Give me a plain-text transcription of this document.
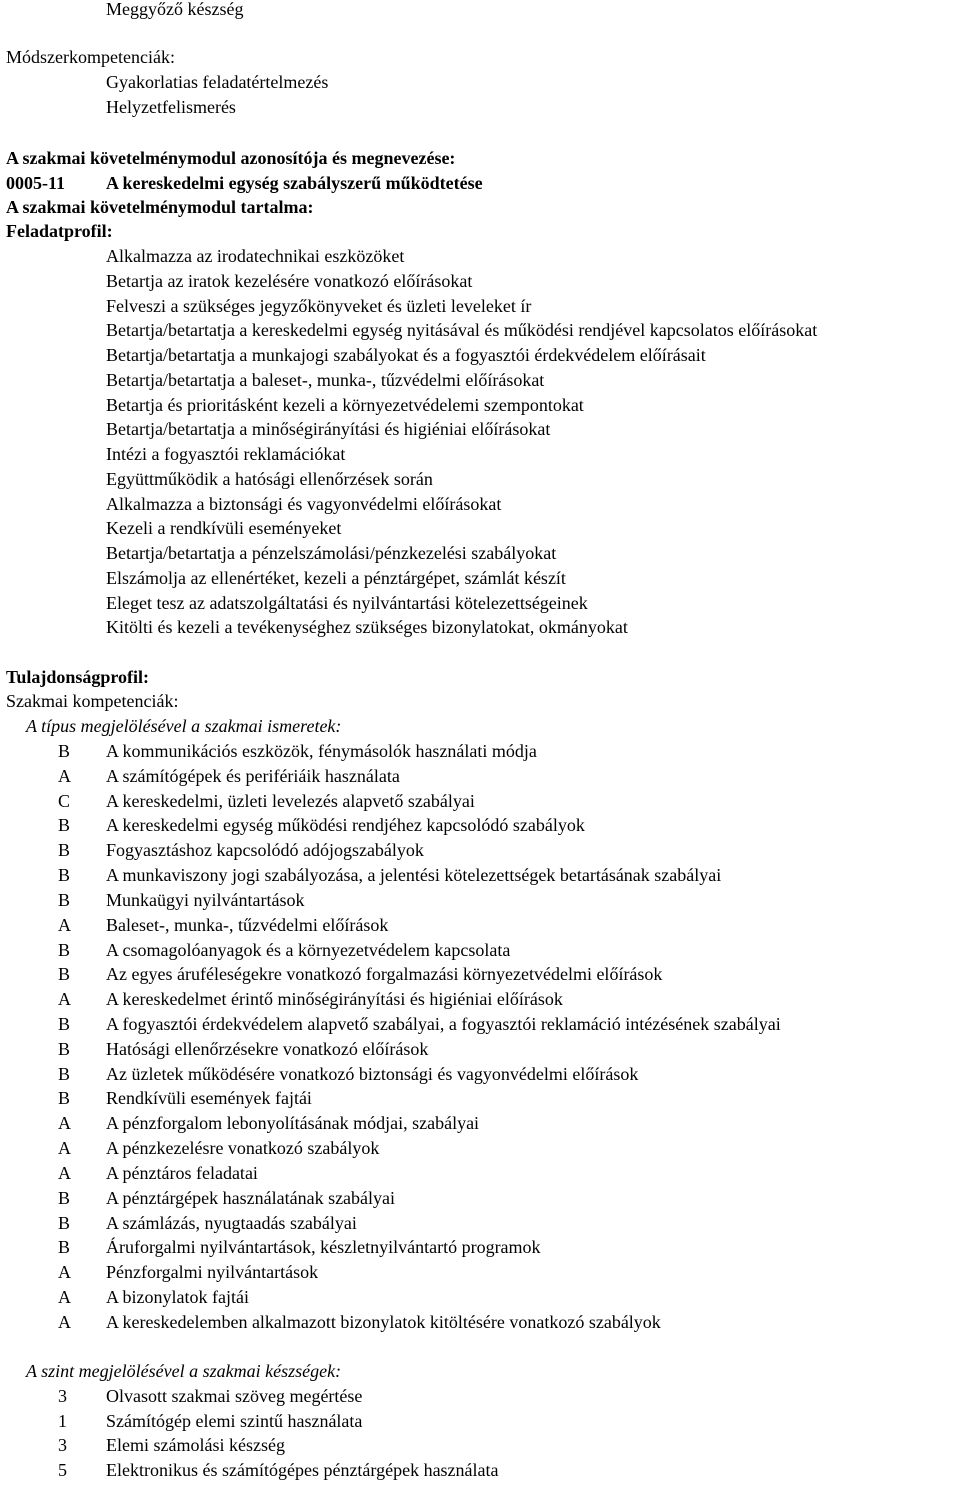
Meggyőző készség
Módszerkompetenciák:
Gyakorlatias feladatértelmezés
Helyzetfelismerés
A szakmai követelménymodul azonosítója és megnevezése:
0005-11 A kereskedelmi egység szabályszerű működtetése
A szakmai követelménymodul tartalma:
Feladatprofil:
Alkalmazza az irodatechnikai eszközöket
Betartja az iratok kezelésére vonatkozó előírásokat
Felveszi a szükséges jegyzőkönyveket és üzleti leveleket ír
Betartja/betartatja a kereskedelmi egység nyitásával és működési rendjével kapcsolatos előírásokat
Betartja/betartatja a munkajogi szabályokat és a fogyasztói érdekvédelem előírásait
Betartja/betartatja a baleset-, munka-, tűzvédelmi előírásokat
Betartja és prioritásként kezeli a környezetvédelemi szempontokat
Betartja/betartatja a minőségirányítási és higiéniai előírásokat
Intézi a fogyasztói reklamációkat
Együttműködik a hatósági ellenőrzések során
Alkalmazza a biztonsági és vagyonvédelmi előírásokat
Kezeli a rendkívüli eseményeket
Betartja/betartatja a pénzelszámolási/pénzkezelési szabályokat
Elszámolja az ellenértéket, kezeli a pénztárgépet, számlát készít
Eleget tesz az adatszolgáltatási és nyilvántartási kötelezettségeinek
Kitölti és kezeli a tevékenységhez szükséges bizonylatokat, okmányokat
Tulajdonságprofil:
Szakmai kompetenciák:
A típus megjelölésével a szakmai ismeretek:
B	A kommunikációs eszközök, fénymásolók használati módja
A	A számítógépek és perifériáik használata
C	A kereskedelmi, üzleti levelezés alapvető szabályai
B	A kereskedelmi egység működési rendjéhez kapcsolódó szabályok
B	Fogyasztáshoz kapcsolódó adójogszabályok
B	A munkaviszony jogi szabályozása, a jelentési kötelezettségek betartásának szabályai
B	Munkaügyi nyilvántartások
A	Baleset-, munka-, tűzvédelmi előírások
B	A csomagolóanyagok és a környezetvédelem kapcsolata
B	Az egyes árufélеségekre vonatkozó forgalmazási környezetvédelmi előírások
A	A kereskedelmet érintő minőségirányítási és higiéniai előírások
B	A fogyasztói érdekvédelem alapvető szabályai, a fogyasztói reklamáció intézésének szabályai
B	Hatósági ellenőrzésekre vonatkozó előírások
B	Az üzletek működésére vonatkozó biztonsági és vagyonvédelmi előírások
B	Rendkívüli események fajtái
A	A pénzforgalom lebonyolításának módjai, szabályai
A	A pénzkezelésre vonatkozó szabályok
A	A pénztáros feladatai
B	A pénztárgépek használatának szabályai
B	A számlázás, nyugtaadás szabályai
B	Áruforgalmi nyilvántartások, készletnyilvántartó programok
A	Pénzforgalmi nyilvántartások
A	A bizonylatok fajtái
A	A kereskedelemben alkalmazott bizonylatok kitöltésére vonatkozó szabályok
A szint megjelölésével a szakmai készségek:
3	Olvasott szakmai szöveg megértése
1	Számítógép elemi szintű használata
3	Elemi számolási készség
5	Elektronikus és számítógépes pénztárgépek használata
